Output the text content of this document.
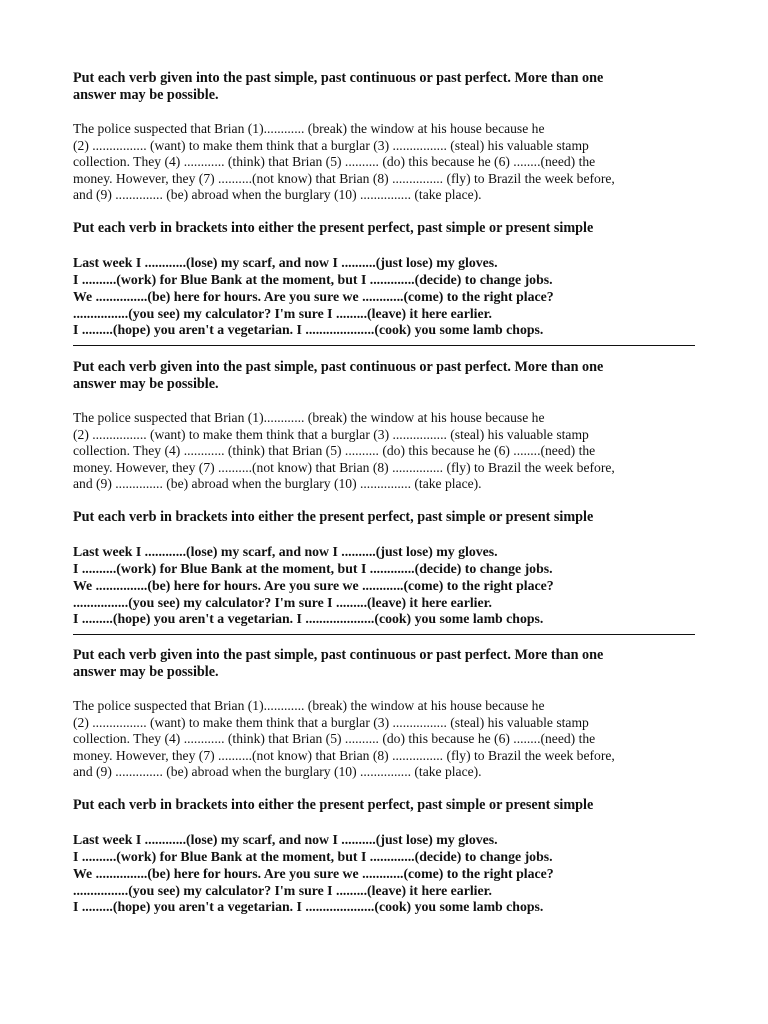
Put each verb given into the past simple, past continuous or past perfect. More than one
answer may be possible.
The police suspected that Brian (1)............ (break) the window at his house because he
(2) ................ (want) to make them think that a burglar (3) ................ (steal) his valuable stamp
collection. They (4) ............ (think) that Brian (5) .......... (do) this because he (6) ........(need) the
money. However, they (7) ..........(not know) that Brian (8) ............... (fly) to Brazil the week before,
and (9) .............. (be) abroad when the burglary (10) ............... (take place).
Put each verb in brackets into either the present perfect, past simple or present simple
Last week I ............(lose) my scarf, and now I ..........(just lose) my gloves.
I ..........(work) for Blue Bank at the moment, but I .............(decide) to change jobs.
We ...............(be) here for hours. Are you sure we ............(come) to the right place?
................(you see) my calculator? I'm sure I .........(leave) it here earlier.
I .........(hope) you aren't a vegetarian. I ....................(cook) you some lamb chops.
Put each verb given into the past simple, past continuous or past perfect. More than one
answer may be possible.
The police suspected that Brian (1)............ (break) the window at his house because he
(2) ................ (want) to make them think that a burglar (3) ................ (steal) his valuable stamp
collection. They (4) ............ (think) that Brian (5) .......... (do) this because he (6) ........(need) the
money. However, they (7) ..........(not know) that Brian (8) ............... (fly) to Brazil the week before,
and (9) .............. (be) abroad when the burglary (10) ............... (take place).
Put each verb in brackets into either the present perfect, past simple or present simple
Last week I ............(lose) my scarf, and now I ..........(just lose) my gloves.
I ..........(work) for Blue Bank at the moment, but I .............(decide) to change jobs.
We ...............(be) here for hours. Are you sure we ............(come) to the right place?
................(you see) my calculator? I'm sure I .........(leave) it here earlier.
I .........(hope) you aren't a vegetarian. I ....................(cook) you some lamb chops.
Put each verb given into the past simple, past continuous or past perfect. More than one
answer may be possible.
The police suspected that Brian (1)............ (break) the window at his house because he
(2) ................ (want) to make them think that a burglar (3) ................ (steal) his valuable stamp
collection. They (4) ............ (think) that Brian (5) .......... (do) this because he (6) ........(need) the
money. However, they (7) ..........(not know) that Brian (8) ............... (fly) to Brazil the week before,
and (9) .............. (be) abroad when the burglary (10) ............... (take place).
Put each verb in brackets into either the present perfect, past simple or present simple
Last week I ............(lose) my scarf, and now I ..........(just lose) my gloves.
I ..........(work) for Blue Bank at the moment, but I .............(decide) to change jobs.
We ...............(be) here for hours. Are you sure we ............(come) to the right place?
................(you see) my calculator? I'm sure I .........(leave) it here earlier.
I .........(hope) you aren't a vegetarian. I ....................(cook) you some lamb chops.
